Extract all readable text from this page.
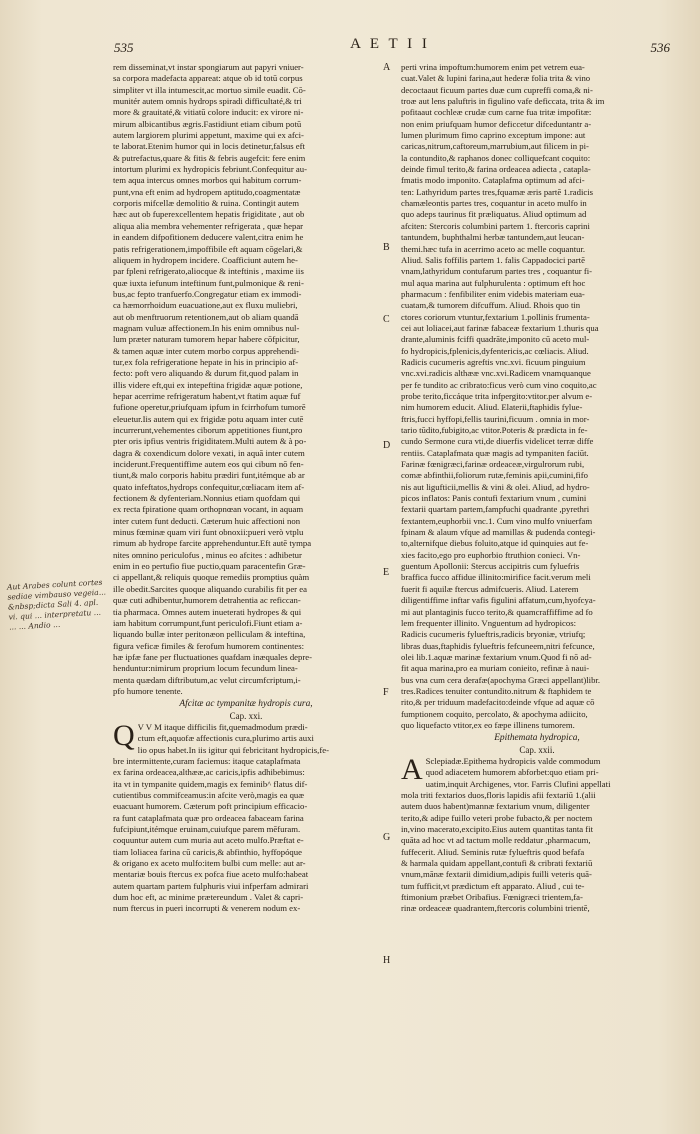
535	A E T I I	536
Aut Arabes colunt cortes sediae vimbauso vegeia... &nbsp;dicta Sali 4. apl. vi. qui ... interpretatu ... ... ... Andio ...
rem disseminat,vt instar spongiarum aut papyri vniuer-
sa corpora madefacta appareat: atque ob id totū corpus
simpliter vt illa intumescit,ac mortuo simile euadit. Cō-
munitér autem omnis hydrops spiradi difficultaté,& tri
more & grauitaté,& vitiatū colore inducit: ex virore ni-
mirum albicantibus ægris.Fastidiunt etiam cibum potū
autem largiorem plurimi appetunt, maxime qui ex afci-
te laborat.Etenim humor qui in locis detinetur,falsus eft
& putrefactus,quare & fitis & febris augefcit: fere enim
intortum plurimi ex hydropicis febriunt.Confequitur au-
tem aqua intercus omnes morbos qui habitum corrum-
punt,vna eft enim ad hydropem aptitudo,coagmentatæ
corporis mifcellæ demolitio & ruina. Contingit autem
hæc aut ob fuperexcellentem hepatis frigiditate , aut ob
aliqua alia membra vehementer refrigerata , quæ hepar
in eandem difpofitionem deducere valent,citra enim he
patis refrigerationem,impoffibile eft aquam cōgelari,&
aliquem in hydropem incidere. Coafficiunt autem he-
par fpleni refrigerato,aliocque & inteftinis , maxime iis
quæ iuxta iefunum inteftinum funt,pulmonique & reni-
bus,ac fepto tranfuerfo.Congregatur etiam ex immodi-
ca hæmorrhoidum euacuatione,aut ex fluxu muliebri,
aut ob menftruorum retentionem,aut ob aliam quandā
magnam vuluæ affectionem.In his enim omnibus nul-
lum præter naturam tumorem hepar habere cōfpicitur,
& tamen aquæ inter cutem morbo corpus apprehendi-
tur,ex fola refrigeratione hepate in his in principio af-
fecto: poft vero aliquando & durum fit,quod palam in
illis videre eft,qui ex intepeftina frigidæ aquæ potione,
hepar acerrime refrigeratum habent,vt ftatim aquæ fuf
fufione operetur,priufquam ipfum in fcirrhofum tumorē
eleuetur.Iis autem qui ex frigidæ potu aquam inter cutē
incurrerunt,vehementes ciborum appetitiones fiunt,pro
pter oris ipfius ventris frigiditatem.Multi autem & à po-
dagra & coxendicum dolore vexati, in aquā inter cutem
inciderunt.Frequentiffime autem eos qui cibum nō fen-
tiunt,& malo corporis habitu prædiri funt,itémque ab ar
quato infeftatos,hydrops confequitur,cœliacam item af-
fectionem & dyfenteriam.Nonnius etiam quofdam qui
ex recta fpiratione quam orthopnœan vocant, in aquam
inter cutem funt deducti. Cæterum huic affectioni non
minus fœminæ quam viri funt obnoxii:pueri verò vtplu
rimum ab hydrope farcite apprehenduntur.Eft autē tympa
nites omnino periculofus , minus eo afcites : adhibetur
enim in eo pertufio fiue puctio,quam paracentefin Græ-
ci appellant,& reliquis quoque remediis promptius quàm
ille obedit.Sarcites quoque aliquando curabilis fit per ea
quæ cuti adhibentur,humorem detrahentia ac reficcan-
tia pharmaca. Omnes autem inueterati hydropes & qui
iam habitum corrumpunt,funt periculofi.Fiunt etiam a-
liquando bullæ inter peritonæon pelliculam & inteftina,
figura veficæ fimiles & ferofum humorem continentes:
hæ ipfæ fane per fluctuationes quafdam inæquales depre-
henduntur:nimirum proprium locum fecundum linea-
menta quædam diftributum,ac velut circumfcriptum,i-
pfo humore tenente.
Afcitæ ac tympanitæ hydropis cura,
Cap. xxi.
Q V V M itaque difficilis fit,quemadmodum prædi-
ctum eft,aquofæ affectionis cura,plurimo artis auxi
lio opus habet.In iis igitur qui febricitant hydropicis,fe-
bre intermittente,curam faciemus: itaque cataplafmata
ex farina ordeacea,althææ,ac caricis,ipfis adhibebimus:
ita vt in tympanite quidem,magis ex feminib^ flatus dif-
cutientibus commifceamus:in afcite verò,magis ea quæ
euacuant humorem. Cæterum poft principium efficacio-
ra funt cataplafmata quæ pro ordeacea fabaceam farina
fufcipiunt,itémque eruinam,cuiufque parem mēfuram.
coquuntur autem cum muria aut aceto mulfo.Præftat e-
tiam loliacea farina cū caricis,& abfinthio, hyffopóque
& origano ex aceto mulfo:item bulbi cum melle: aut ar-
mentariæ bouis ftercus ex pofca fiue aceto mulfo:habeat
autem quartam partem fulphuris viui infperfam admirari
dum hoc eft, ac minime prætereundum . Valet & capri-
num ftercus in pueri incorrupti & venerem nodum ex-
A
B
C
D
E
F
G
H
perti vrina impoftum:humorem enim pet vetrem eua-
cuat.Valet & lupini farina,aut hederæ folia trita & vino
decoctaaut ficuum partes duæ cum cupreffi coma,& ni-
troæ aut lens paluftris in figulino vafe deficcata, trita & im
pofitaaut cochleæ crudæ cum carne fua tritæ impofitæ:
non enim priufquam humor deficcetur difceduntantr a-
lumen plurimum fimo caprino exceptum impone: aut
caricas,nitrum,caftoreum,marrubium,aut filicem in pi-
la contundito,& raphanos donec colliquefcant coquito:
deinde fimul terito,& farina ordeacea adiecta , catapla-
fmatis modo imponito. Cataplafma optimum ad afci-
ten: Lathyridum partes tres,fquamæ æris partē 1.radicis
chamæleontis partes tres, coquantur in aceto mulfo in
quo adeps taurinus fit præliquatus. Aliud optimum ad
afciten: Stercoris columbini partem 1. ftercoris caprini
tantundem, buphthalmi herbæ tantundem,aut leucan-
themi.hæc tufa in acerrimo aceto ac melle coquantur.
Aliud. Salis foffilis partem 1. falis Cappadocici partē
vnam,lathyridum contufarum partes tres , coquantur fi-
mul aqua marina aut fulphurulenta : optimum eft hoc
pharmacum : fenfibiliter enim videbis materiam eua-
cuatam,& tumorem difcuffum. Aliud. Rhois quo tin
ctores coriorum vtuntur,fextarium 1.pollinis frumenta-
cei aut loliacei,aut farinæ fabaceæ fextarium 1.thuris qua
drante,aluminis fciffi quadrāte,imponito cū aceto mul-
fo hydropicis,fplenicis,dyfentericis,ac cœliacis. Aliud.
Radicis cucumeris agreftis vnc.xvi. ficuum pinguium
vnc.xvi.radicis althææ vnc.xvi.Radicem vnamquanque
per fe tundito ac cribrato:ficus verò cum vino coquito,ac
probe terito,ficcáque trita infpergito:vtitor.per alvum e-
nim humorem educit. Aliud. Elaterii,ftaphidis fylue-
ftris,fucci hyffopi,fellis taurini,ficuum . omnia in mor-
tario tūdito,fubigito,ac vtitor.Poteris & prædicta in fe-
cundo Sermone cura vti,de diuerfis videlicet terræ diffe
rentiis. Cataplafmata quæ magis ad tympaniten faciūt.
Farinæ fœnigræci,farinæ ordeaceæ,virgulrorum rubi,
comæ abfinthii,foliorum rutæ,feminis apii,cumini,fifo
nis aut ligufticii,mellis & vini & olei. Aliud, ad hydro-
picos inflatos: Panis contufi fextarium vnum , cumini
fextarii quartam partem,fampfuchi quadrante ,pyrethri
fextantem,euphorbii vnc.1. Cum vino mulfo vniuerfam
fpinam & alaum vfque ad mamillas & pudenda contegi-
to,alternifque diebus foluito,atque id quinquies aut fe-
xies facito,ego pro euphorbio ftruthion conieci. Vn-
guentum Apollonii: Stercus accipitris cum fyluefris
braffica fucco affidue illinito:mirifice facit.verum meli
fuerit fi aquilæ ftercus admifcueris. Aliud. Laterem
diligentiffime inftar vafis figulini affatum,cum,hyofcya-
mi aut plantaginis fucco terito,& quamcraffiffime ad fo
lem frequenter illinito. Vnguentum ad hydropicos:
Radicis cucumeris fylueftris,radicis bryoniæ, vtriufq;
libras duas,ftaphidis fylueftris fefcuneem,nitri fefcunce,
olei lib.1.aquæ marinæ fextarium vnum.Quod fi nō ad-
fit aqua marina,pro ea muriam conieito, refinæ à naui-
bus vna cum cera derafæ(apochyma Græci appellant)libr.
tres.Radices tenuiter contundito.nitrum & ftaphidem te
rito,& per triduum madefacito:deinde vfque ad aquæ cō
fumptionem coquito, percolato, & apochyma adiicito,
quo liquefacto vtitor,ex eo fæpe illinens tumorem.
Epithemata hydropica,
Cap. xxii.
A Sclepiadæ.Epithema hydropicis valde commodum
quod adiacetem humorem abforbet:quo etiam pri-
uatim,inquit Archigenes, vtor. Farris Clufini appellati
mola triti fextarios duos,floris lapidis afii fextariū 1.(alii
autem duos habent)mannæ fextarium vnum, diligenter
terito,& adipe fuillo veteri probe fubacto,& per noctem
in,vino macerato,excipito.Eius autem quantitas tanta fit
quāta ad hoc vt ad tactum molle reddatur ,pharmacum,
fuffecerit. Aliud. Seminis rutæ fylueftris quod befafa
& harmala quidam appellant,contufi & cribrati fextariū
vnum,mānæ fextarii dimidium,adipis fuilli veteris quā-
tum fufficit,vt prædictum eft apparato. Aliud , cui te-
ftimonium præbet Oribafius. Fœnigræci trientem,fa-
rinæ ordeaceæ quadrantem,ftercoris columbini trientē,
